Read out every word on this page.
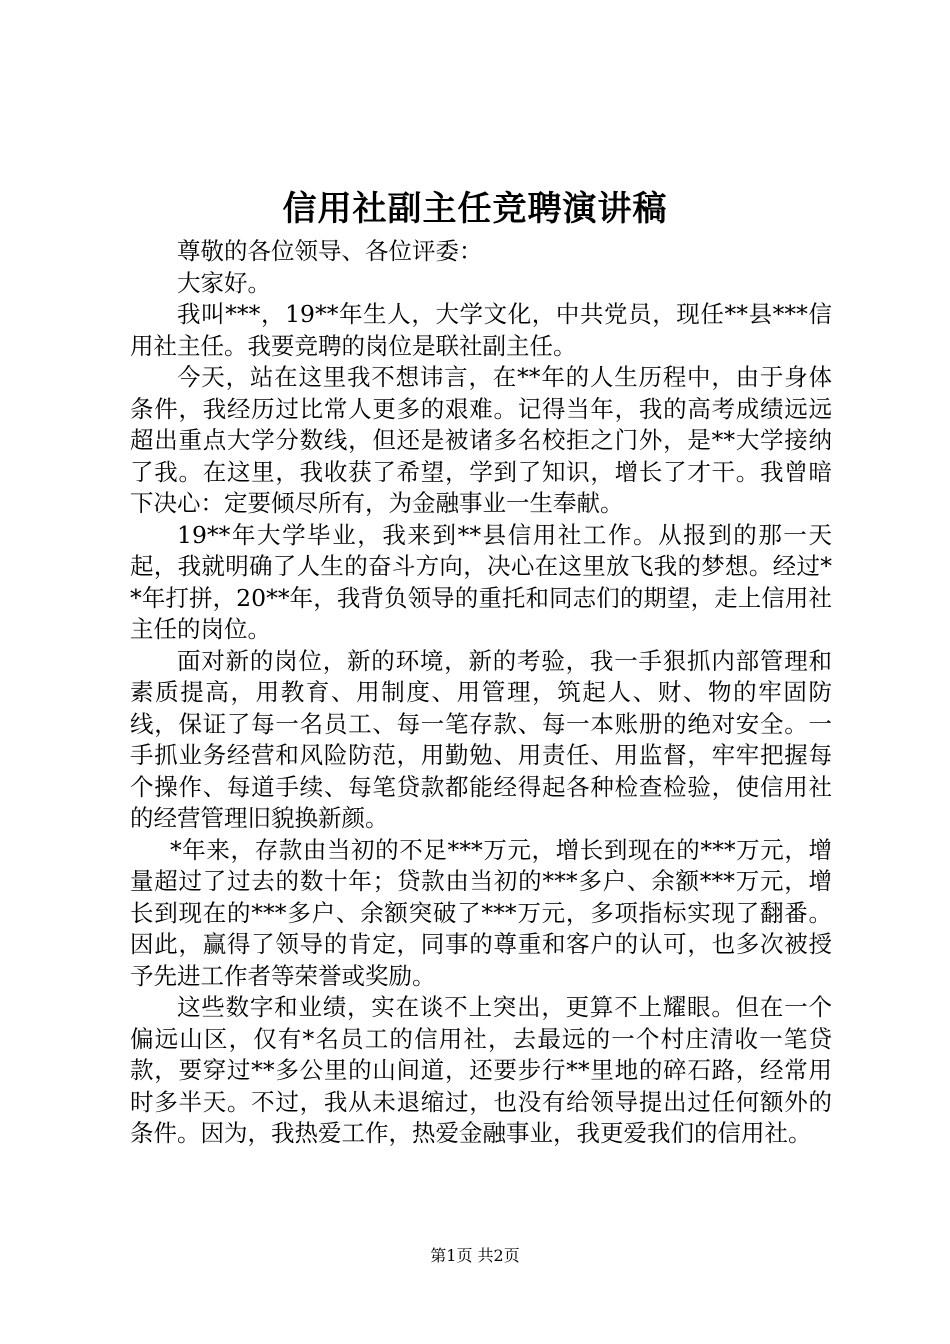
信用社副主任竞聘演讲稿

尊敬的各位领导、各位评委：

大家好。

我叫***，19**年生人，大学文化，中共党员，现任**县***信用社主任。我要竞聘的岗位是联社副主任。

今天，站在这里我不想讳言，在**年的人生历程中，由于身体条件，我经历过比常人更多的艰难。记得当年，我的高考成绩远远超出重点大学分数线，但还是被诸多名校拒之门外，是**大学接纳了我。在这里，我收获了希望，学到了知识，增长了才干。我曾暗下决心：定要倾尽所有，为金融事业一生奉献。

19**年大学毕业，我来到**县信用社工作。从报到的那一天起，我就明确了人生的奋斗方向，决心在这里放飞我的梦想。经过**年打拼，20**年，我背负领导的重托和同志们的期望，走上信用社主任的岗位。

面对新的岗位，新的环境，新的考验，我一手狠抓内部管理和素质提高，用教育、用制度、用管理，筑起人、财、物的牢固防线，保证了每一名员工、每一笔存款、每一本账册的绝对安全。一手抓业务经营和风险防范，用勤勉、用责任、用监督，牢牢把握每个操作、每道手续、每笔贷款都能经得起各种检查检验，使信用社的经营管理旧貌换新颜。

*年来，存款由当初的不足***万元，增长到现在的***万元，增量超过了过去的数十年；贷款由当初的***多户、余额***万元，增长到现在的***多户、余额突破了***万元，多项指标实现了翻番。因此，赢得了领导的肯定，同事的尊重和客户的认可，也多次被授予先进工作者等荣誉或奖励。

这些数字和业绩，实在谈不上突出，更算不上耀眼。但在一个偏远山区，仅有*名员工的信用社，去最远的一个村庄清收一笔贷款，要穿过**多公里的山间道，还要步行**里地的碎石路，经常用时多半天。不过，我从未退缩过，也没有给领导提出过任何额外的条件。因为，我热爱工作，热爱金融事业，我更爱我们的信用社。

第1页 共2页
